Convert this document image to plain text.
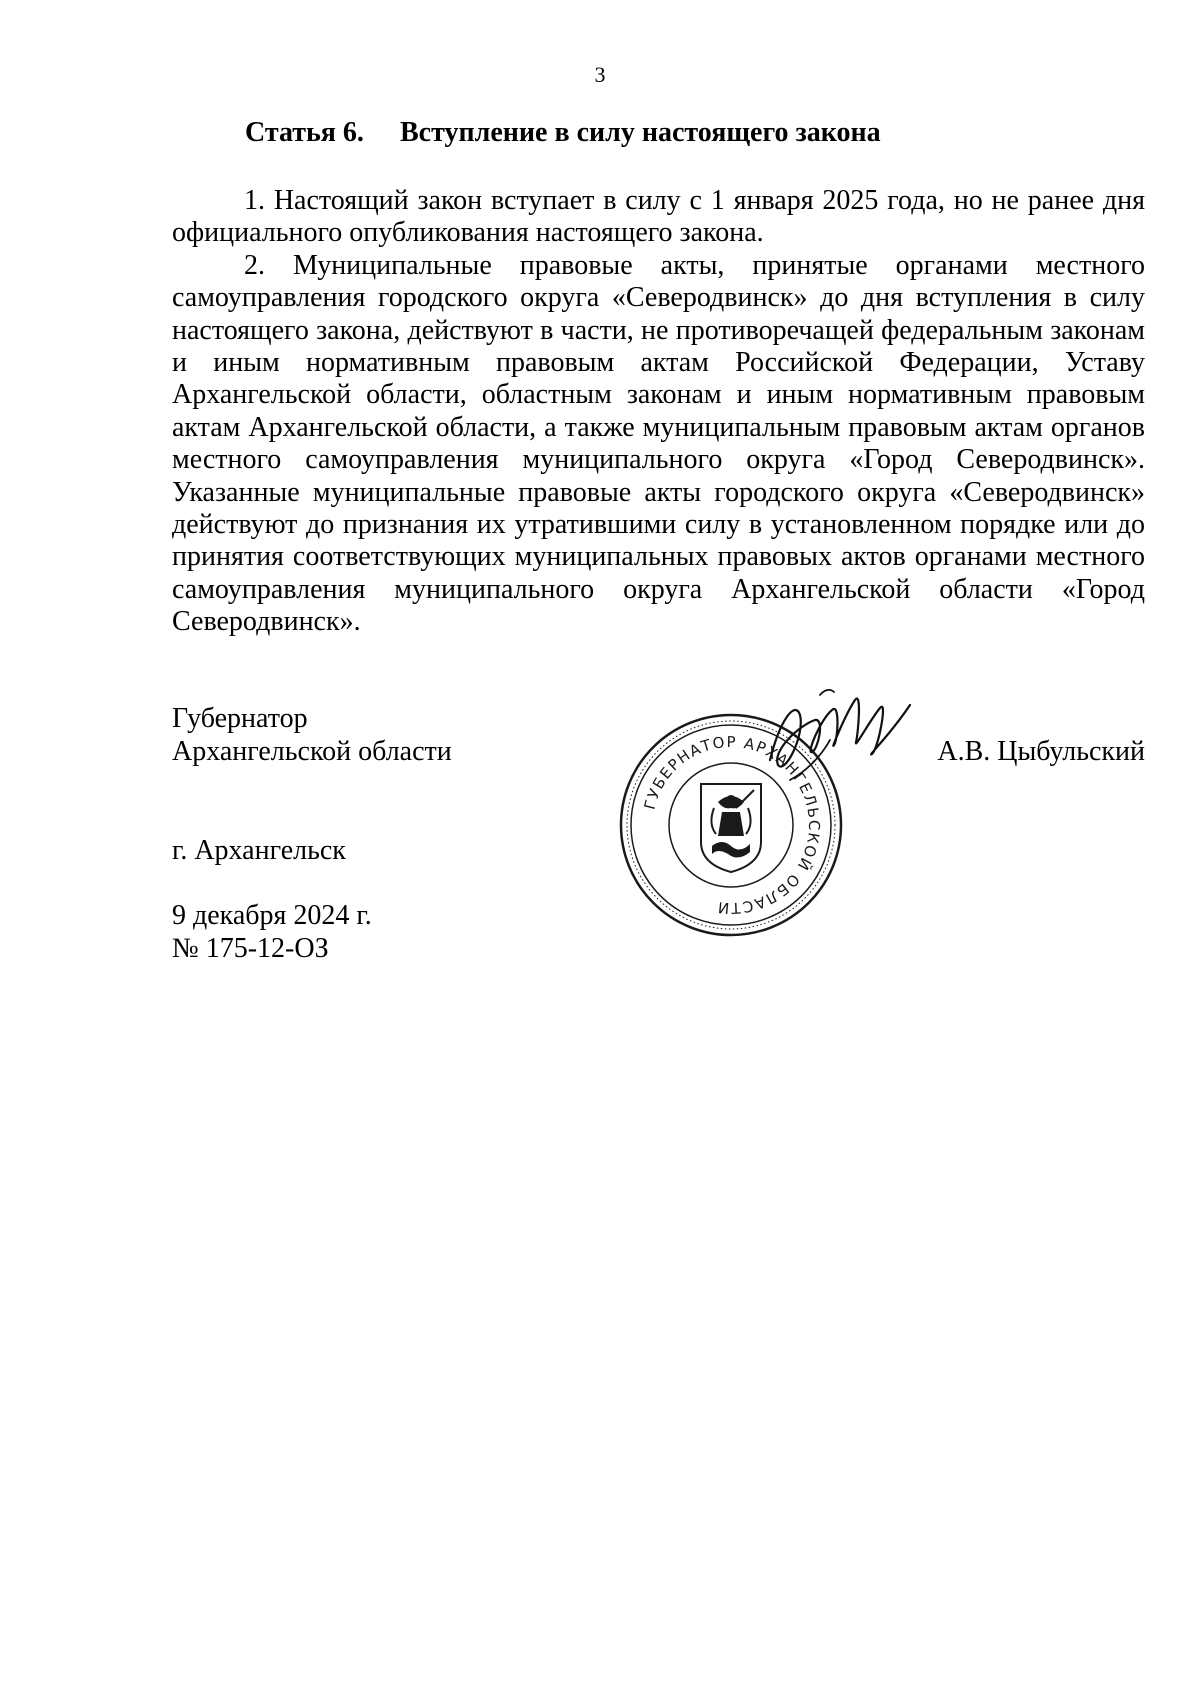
3
Статья 6. Вступление в силу настоящего закона

1. Настоящий закон вступает в силу с 1 января 2025 года, но не ранее дня официального опубликования настоящего закона.

2. Муниципальные правовые акты, принятые органами местного самоуправления городского округа «Северодвинск» до дня вступления в силу настоящего закона, действуют в части, не противоречащей федеральным законам и иным нормативным правовым актам Российской Федерации, Уставу Архангельской области, областным законам и иным нормативным правовым актам Архангельской области, а также муниципальным правовым актам органов местного самоуправления муниципального округа «Город Северодвинск». Указанные муниципальные правовые акты городского округа «Северодвинск» действуют до признания их утратившими силу в установленном порядке или до принятия соответствующих муниципальных правовых актов органами местного самоуправления муниципального округа Архангельской области «Город Северодвинск».

Губернатор
Архангельской области	А.В. Цыбульский
ГУБЕРНАТОР АРХАНГЕЛЬСКОЙ ОБЛАСТИ
г. Архангельск
9 декабря 2024 г.
№ 175-12-ОЗ
